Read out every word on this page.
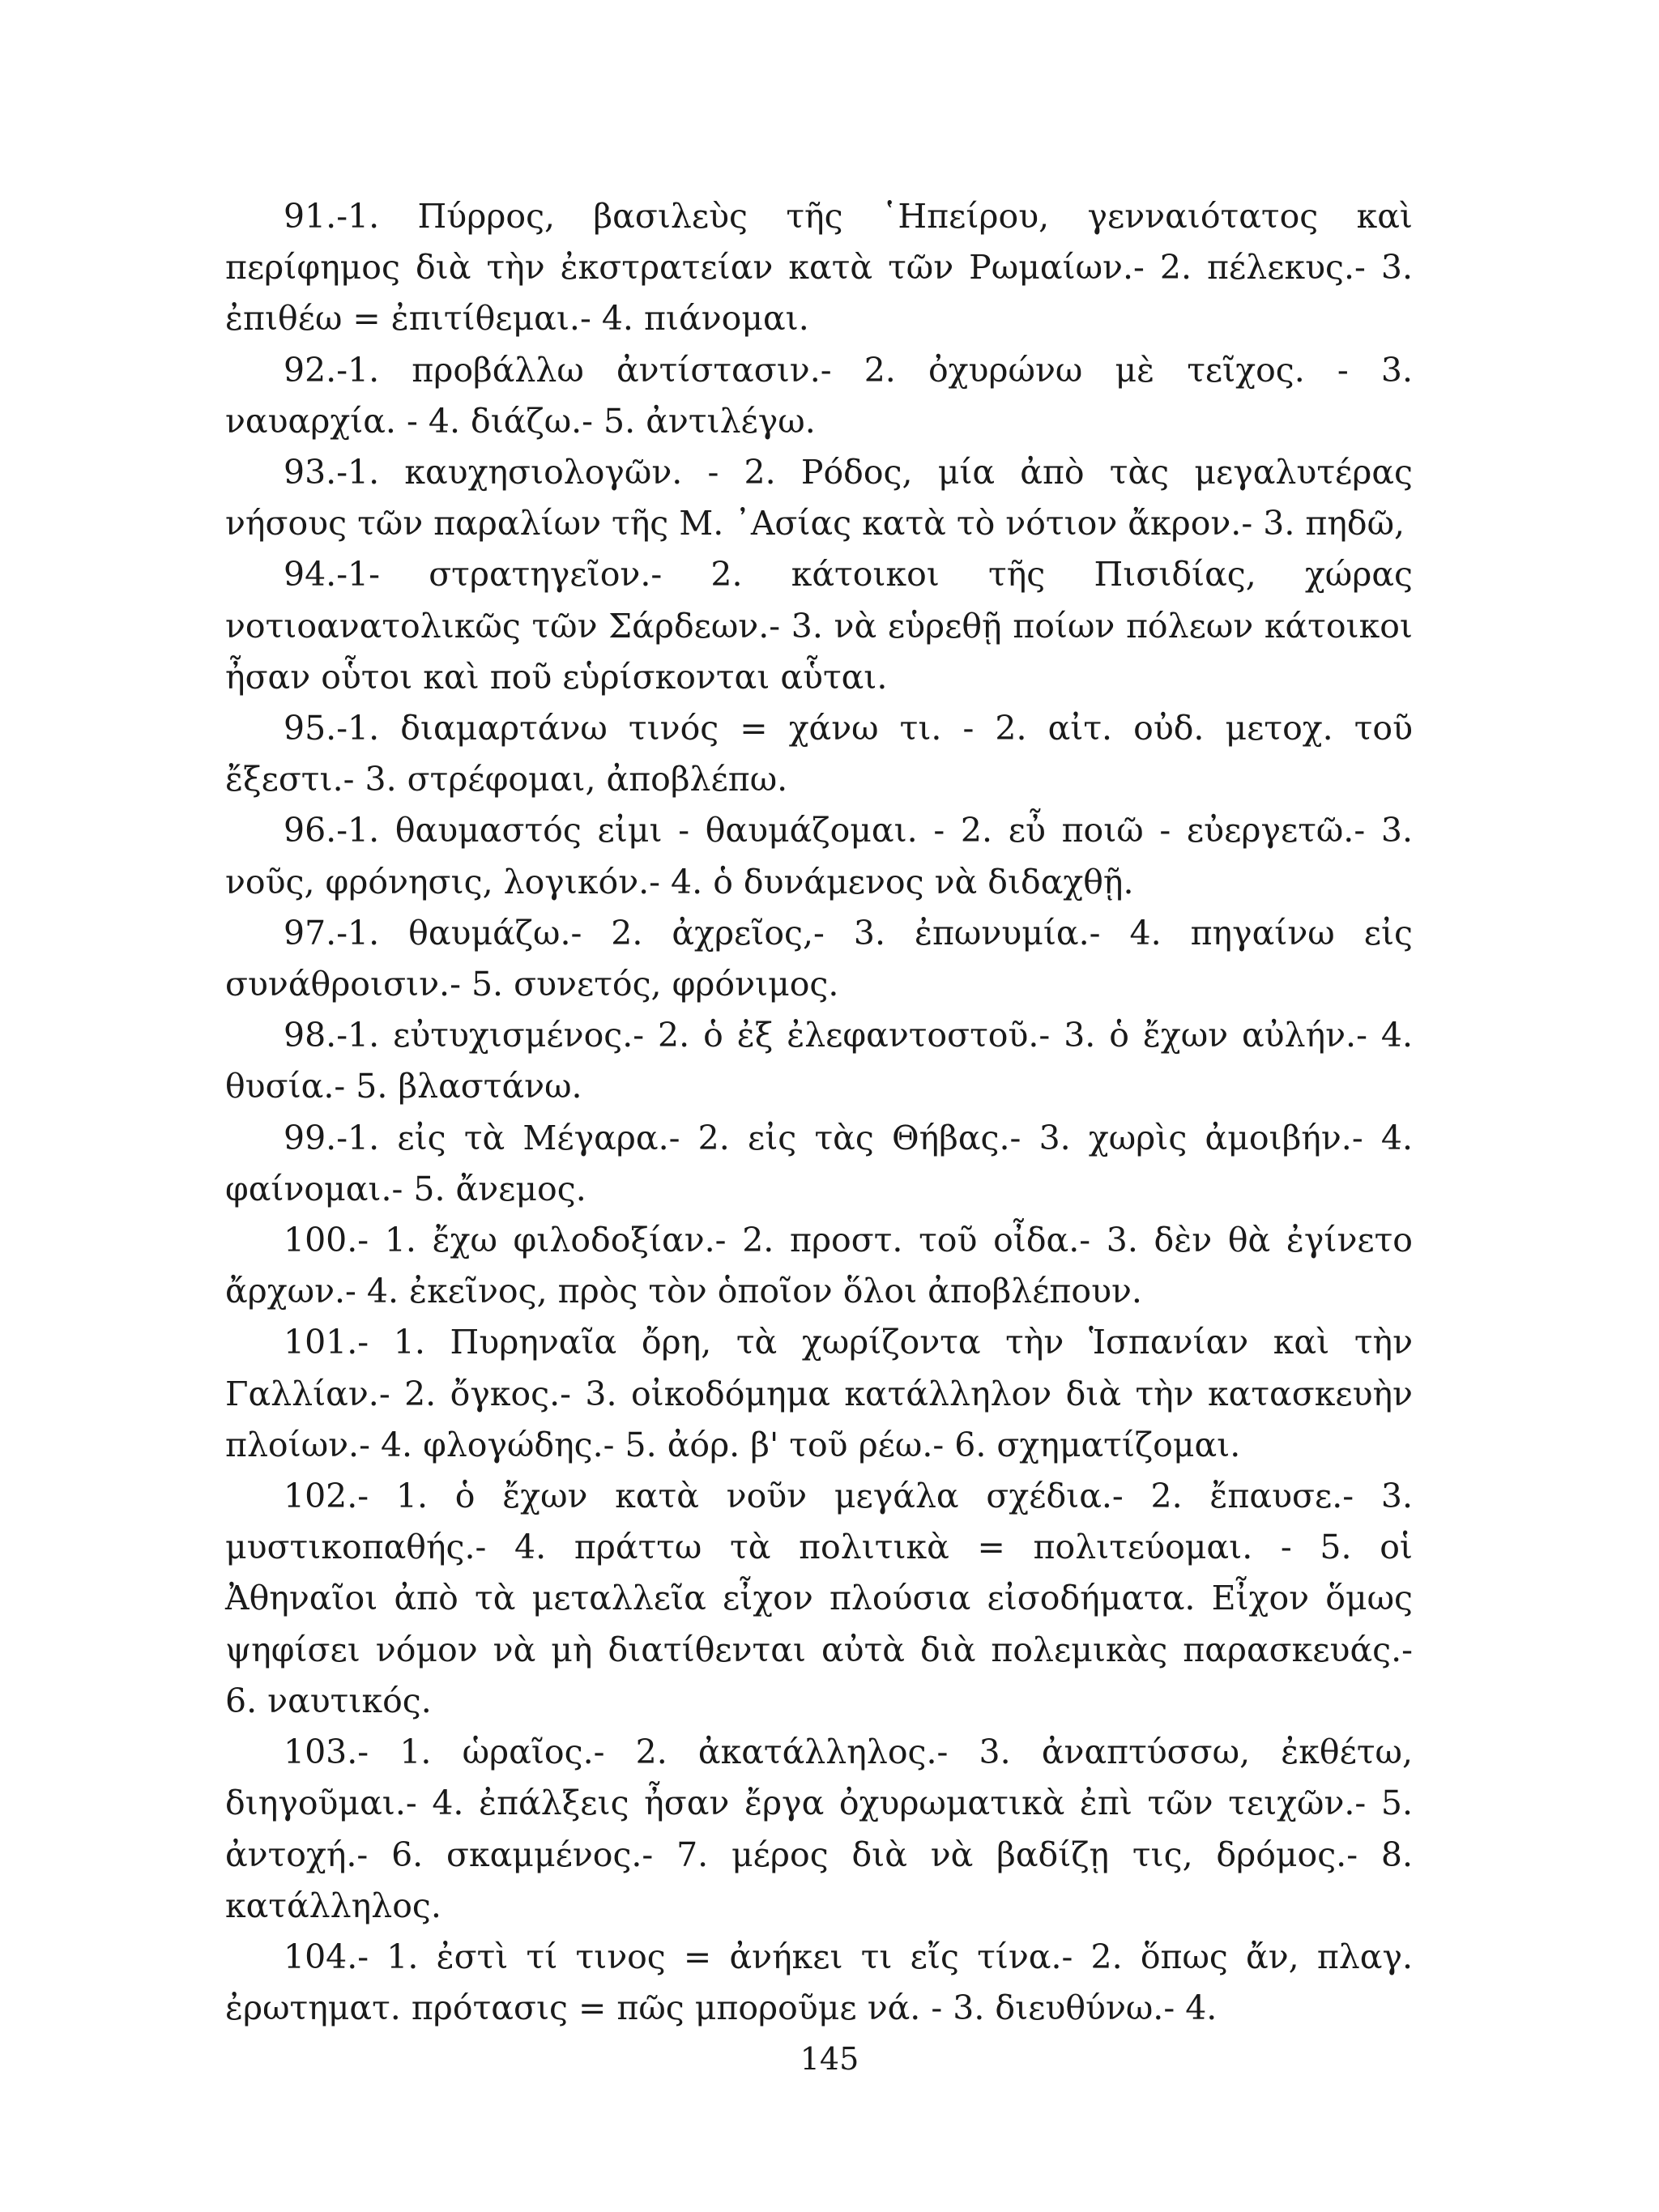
91.-1. Πύρρος, βασιλεὺς τῆς ῾Ηπείρου, γενναιότατος καὶ περίφημος διὰ τὴν ἐκστρατείαν κατὰ τῶν Ρωμαίων.- 2. πέλεκυς.- 3. ἐπιθέω = ἐπιτίθεμαι.- 4. πιάνομαι.

92.-1. προβάλλω ἀντίστασιν.- 2. ὀχυρώνω μὲ τεῖχος. - 3. ναυαρχία. - 4. διάζω.- 5. ἀντιλέγω.

93.-1. καυχησιολογῶν. - 2. Ρόδος, μία ἀπὸ τὰς μεγαλυτέρας νήσους τῶν παραλίων τῆς Μ. ᾿Ασίας κατὰ τὸ νότιον ἄκρον.- 3. πηδῶ,

94.-1- στρατηγεῖον.- 2. κάτοικοι τῆς Πισιδίας, χώρας νοτιοανατολικῶς τῶν Σάρδεων.- 3. νὰ εὑρεθῇ ποίων πόλεων κάτοικοι ἦσαν οὗτοι καὶ ποῦ εὑρίσκονται αὗται.

95.-1. διαμαρτάνω τινός = χάνω τι. - 2. αἰτ. οὐδ. μετοχ. τοῦ ἔξεστι.- 3. στρέφομαι, ἀποβλέπω.

96.-1. θαυμαστός εἰμι - θαυμάζομαι. - 2. εὖ ποιῶ - εὐεργετῶ.- 3. νοῦς, φρόνησις, λογικόν.- 4. ὁ δυνάμενος νὰ διδαχθῇ.

97.-1. θαυμάζω.- 2. ἀχρεῖος,- 3. ἐπωνυμία.- 4. πηγαίνω εἰς συνάθροισιν.- 5. συνετός, φρόνιμος.

98.-1. εὐτυχισμένος.- 2. ὁ ἐξ ἐλεφαντοστοῦ.- 3. ὁ ἔχων αὐλήν.- 4. θυσία.- 5. βλαστάνω.

99.-1. εἰς τὰ Μέγαρα.- 2. εἰς τὰς Θήβας.- 3. χωρὶς ἀμοιβήν.- 4. φαίνομαι.- 5. ἄνεμος.

100.- 1. ἔχω φιλοδοξίαν.- 2. προστ. τοῦ οἶδα.- 3. δὲν θὰ ἐγίνετο ἄρχων.- 4. ἐκεῖνος, πρὸς τὸν ὁποῖον ὅλοι ἀποβλέπουν.

101.- 1. Πυρηναῖα ὄρη, τὰ χωρίζοντα τὴν Ἱσπανίαν καὶ τὴν Γαλλίαν.- 2. ὄγκος.- 3. οἰκοδόμημα κατάλληλον διὰ τὴν κατασκευὴν πλοίων.- 4. φλογώδης.- 5. ἀόρ. β' τοῦ ρέω.- 6. σχηματίζομαι.

102.- 1. ὁ ἔχων κατὰ νοῦν μεγάλα σχέδια.- 2. ἔπαυσε.- 3. μυστικοπαθής.- 4. πράττω τὰ πολιτικὰ = πολιτεύομαι. - 5. οἱ Ἀθηναῖοι ἀπὸ τὰ μεταλλεῖα εἶχον πλούσια εἰσοδήματα. Εἶχον ὅμως ψηφίσει νόμον νὰ μὴ διατίθενται αὐτὰ διὰ πολεμικὰς παρασκευάς.- 6. ναυτικός.

103.- 1. ὡραῖος.- 2. ἀκατάλληλος.- 3. ἀναπτύσσω, ἐκθέτω, διηγοῦμαι.- 4. ἐπάλξεις ἦσαν ἔργα ὀχυρωματικὰ ἐπὶ τῶν τειχῶν.- 5. ἀντοχή.- 6. σκαμμένος.- 7. μέρος διὰ νὰ βαδίζῃ τις, δρόμος.- 8. κατάλληλος.

104.- 1. ἐστὶ τί τινος = ἀνήκει τι εἴς τίνα.- 2. ὅπως ἄν, πλαγ. ἐρωτηματ. πρότασις = πῶς μποροῦμε νά. - 3. διευθύνω.- 4.

145
